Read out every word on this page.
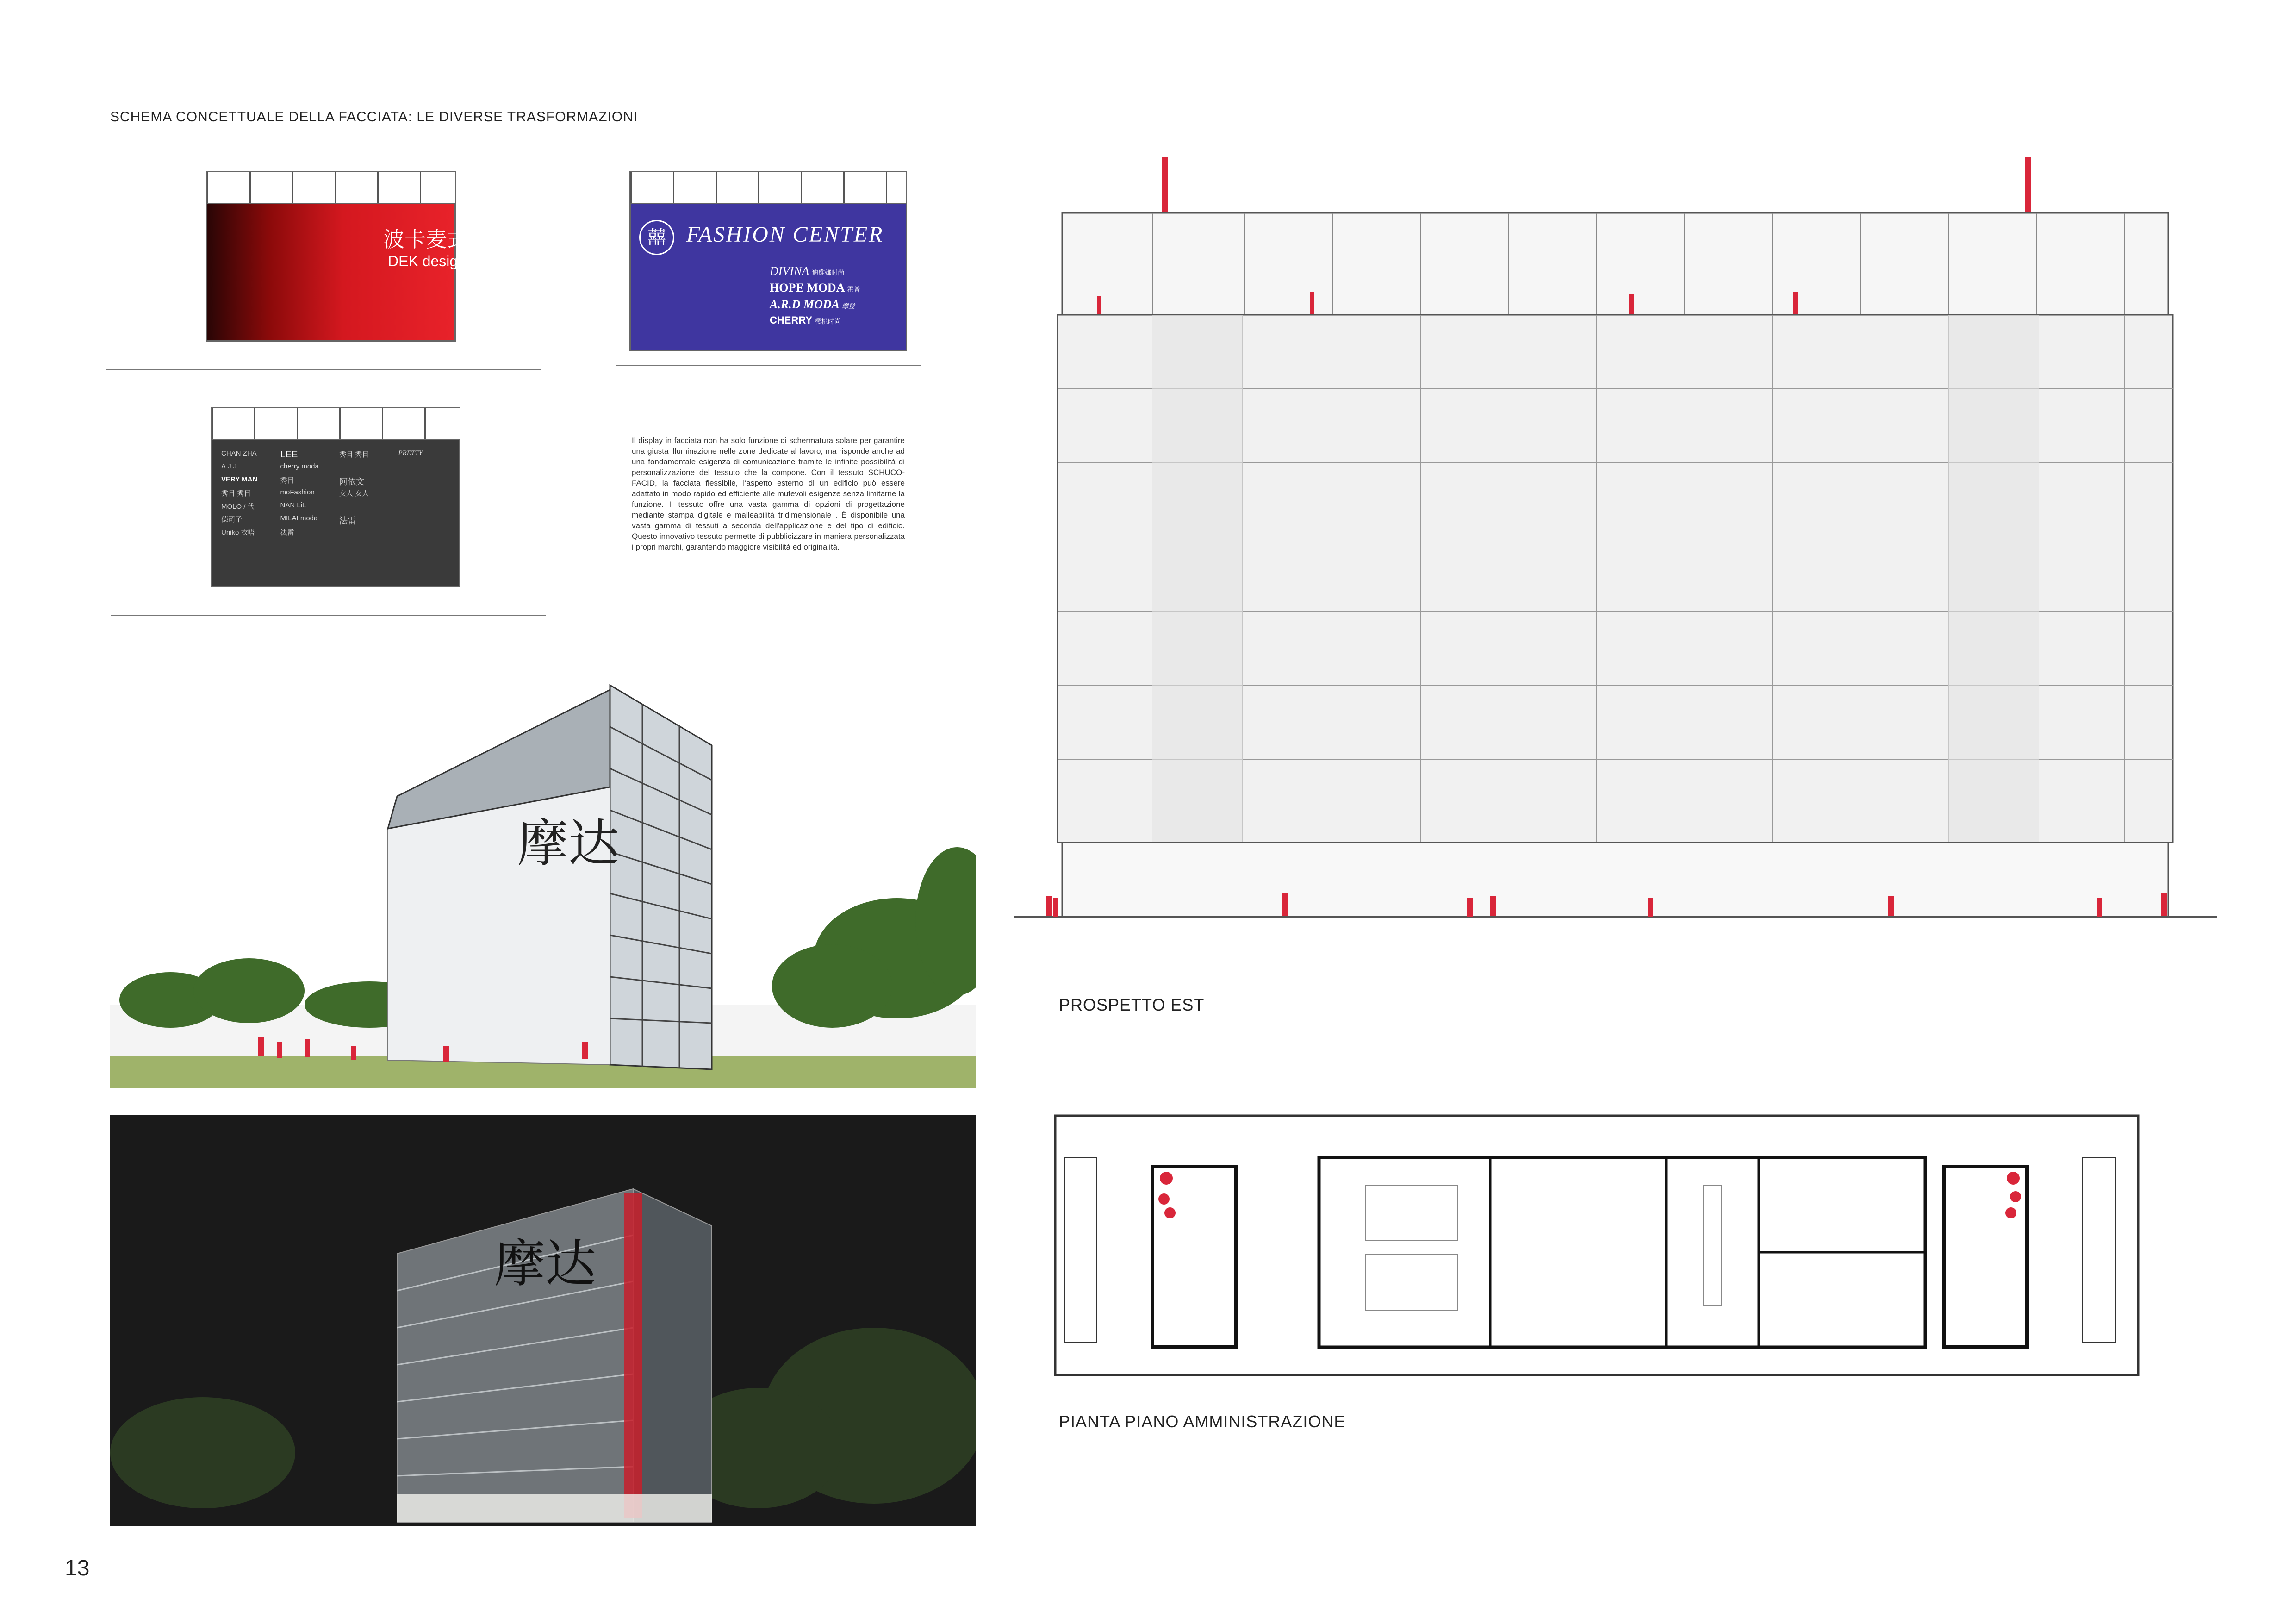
SCHEMA CONCETTUALE DELLA FACCIATA: LE DIVERSE TRASFORMAZIONI
波卡麦式
DEK design
囍 FASHION CENTER
DIVINA 迪维娜时尚
HOPE MODA 霍普
A.R.D MODA 摩登
CHERRY 樱桃时尚
CHAN ZHA	LEE	秀目 秀目	PRETTY
A.J.J	cherry moda
VERY MAN	秀目	阿依文
秀目 秀目	moFashion	女人 女人
MOLO / 代	NAN LiL
德司子	MILAI moda	法雷
Uniko 衣嗒	法雷
Il display in facciata non ha solo funzione di schermatura solare per garantire una giusta illuminazione nelle zone dedicate al lavoro, ma risponde anche ad una fondamentale esigenza di comunicazione tramite le infinite possibilità di personalizzazione del tessuto che la compone. Con il tessuto SCHUCO-FACID, la facciata flessibile, l'aspetto esterno di un edificio può essere adattato in modo rapido ed efficiente alle mutevoli esigenze senza limitarne la funzione. Il tessuto offre una vasta gamma di opzioni di progettazione mediante stampa digitale e malleabilità tridimensionale . È disponibile una vasta gamma di tessuti a seconda dell'applicazione e del tipo di edificio. Questo innovativo tessuto permette di pubblicizzare in maniera personalizzata i propri marchi, garantendo maggiore visibilità ed originalità.
摩达
摩达
PROSPETTO EST
PIANTA PIANO AMMINISTRAZIONE
13
